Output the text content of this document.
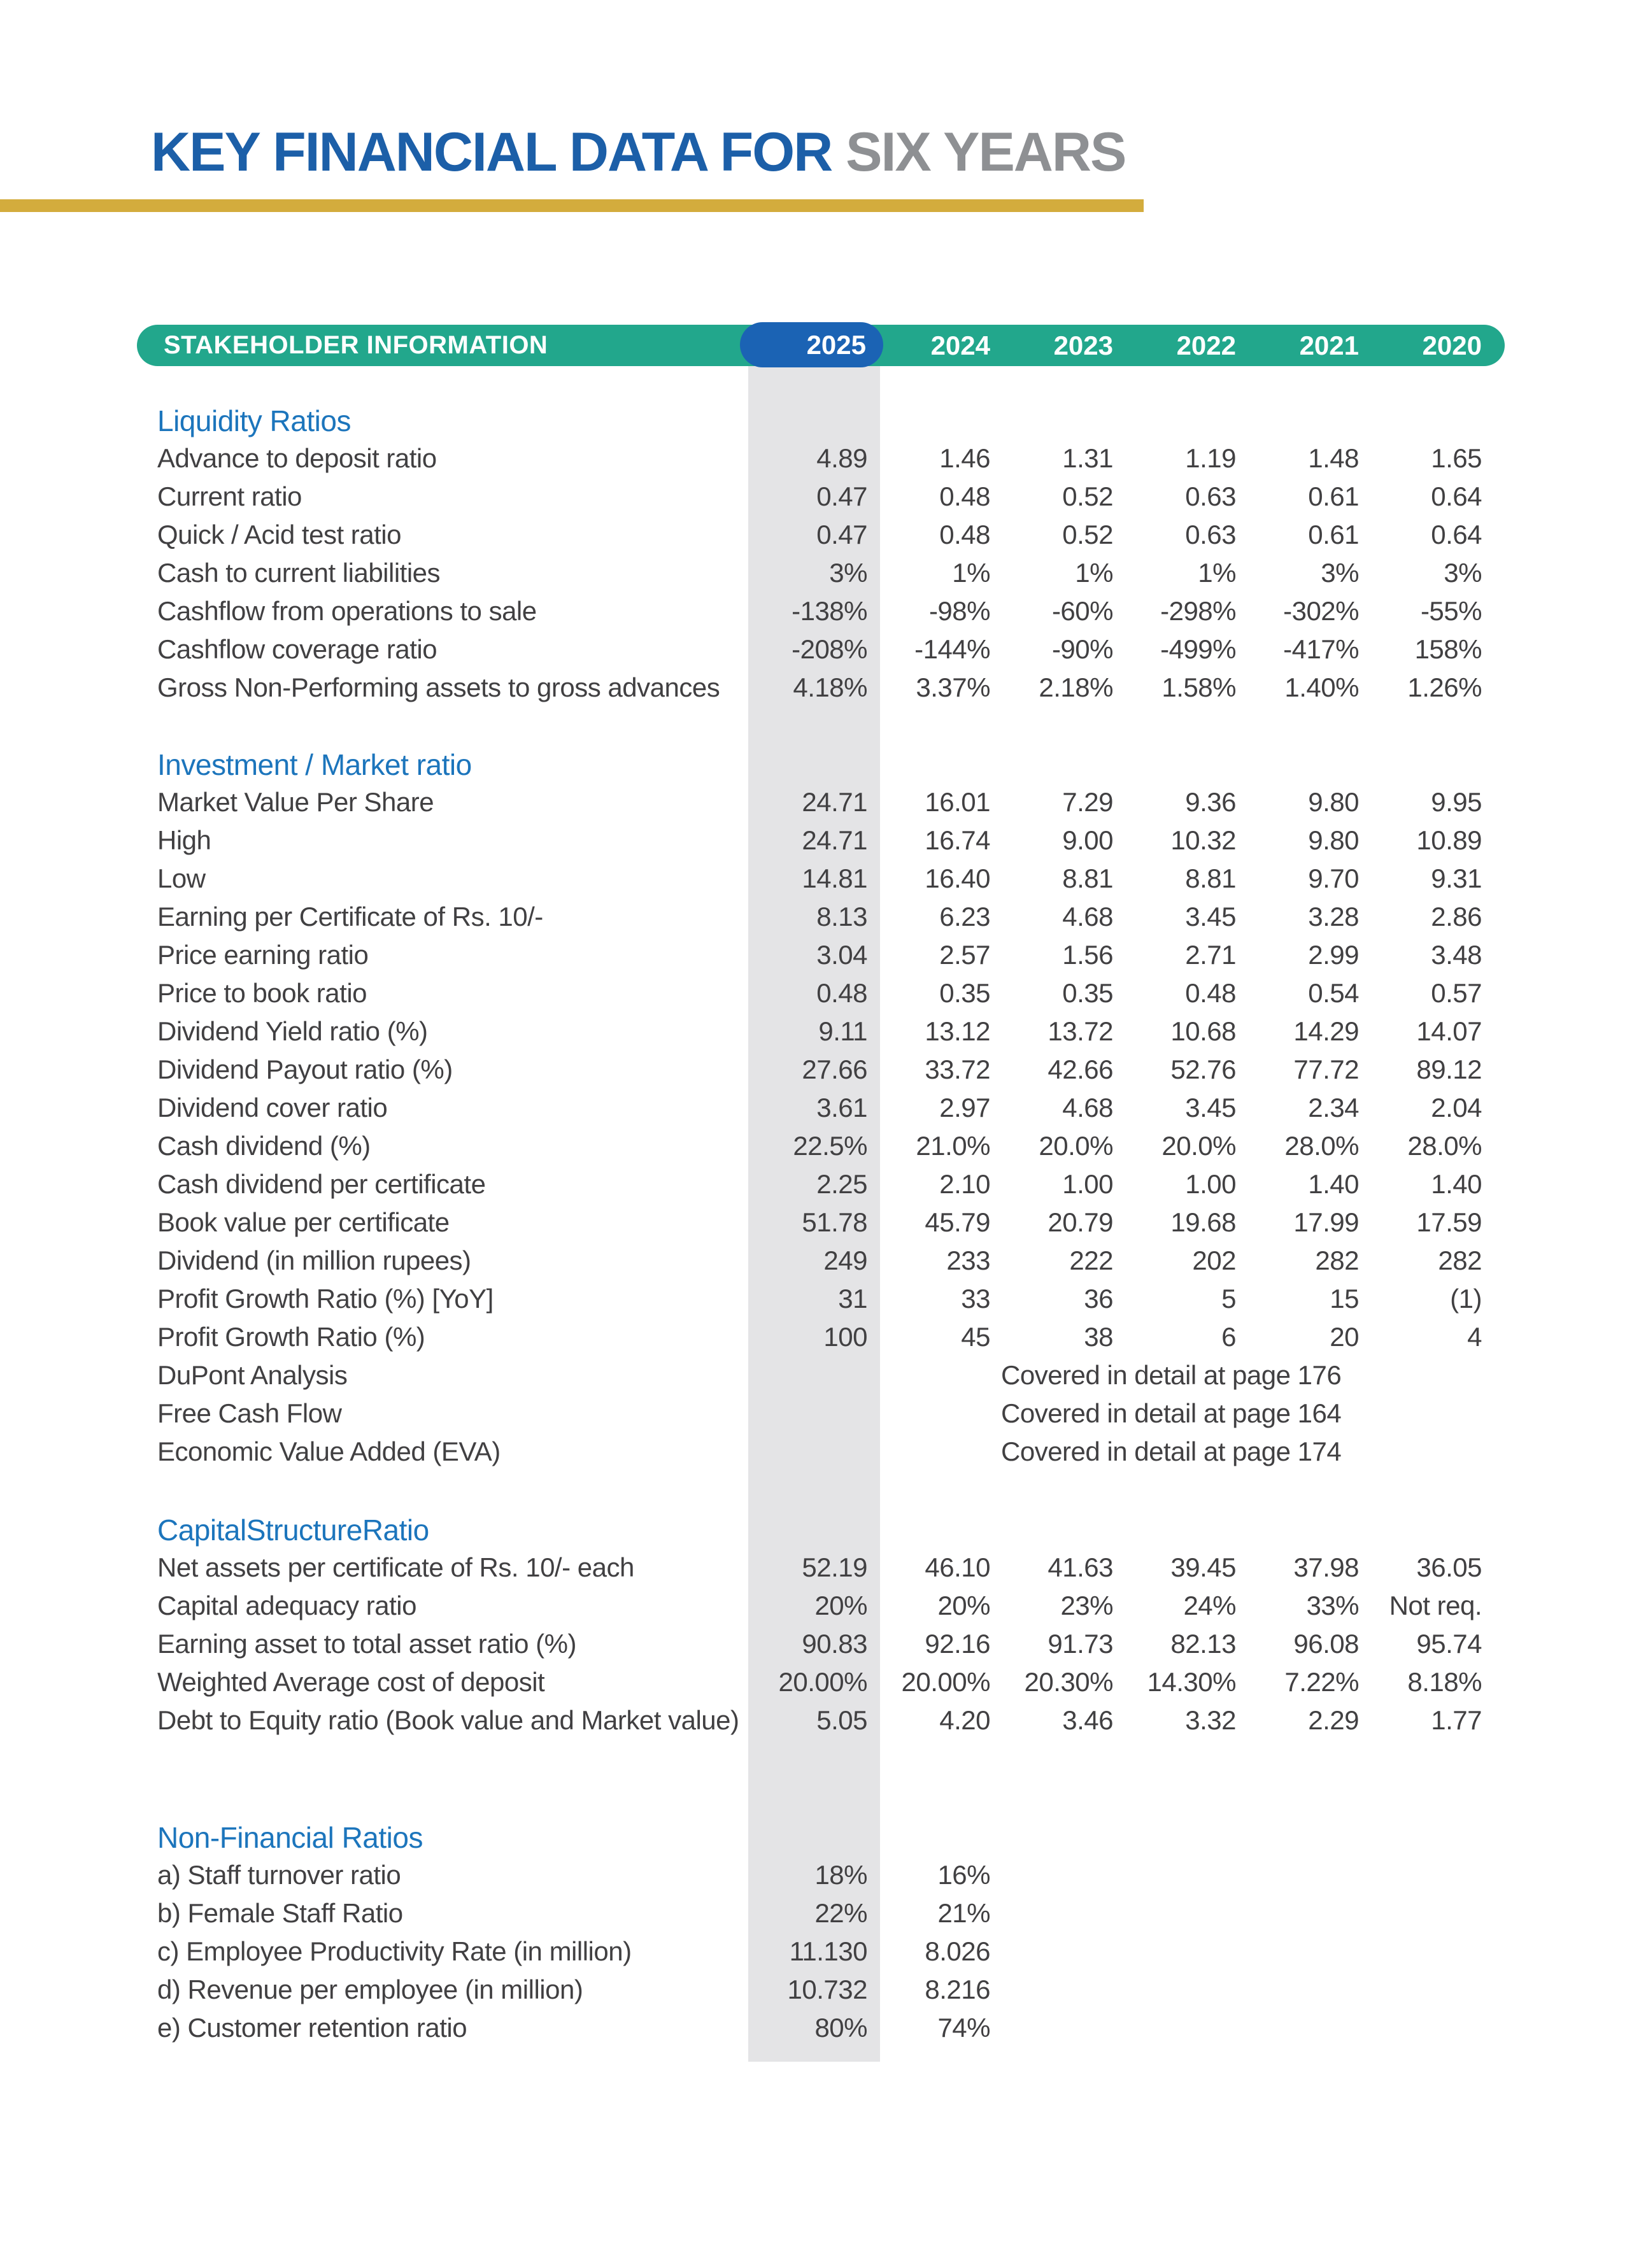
KEY FINANCIAL DATA FOR SIX YEARS
STAKEHOLDER INFORMATION	2025	2024	2023	2022	2021	2020
Liquidity Ratios
Advance to deposit ratio	4.89	1.46	1.31	1.19	1.48	1.65
Current ratio	0.47	0.48	0.52	0.63	0.61	0.64
Quick / Acid test ratio	0.47	0.48	0.52	0.63	0.61	0.64
Cash to current liabilities	3%	1%	1%	1%	3%	3%
Cashflow from operations to sale	-138%	-98%	-60%	-298%	-302%	-55%
Cashflow coverage ratio	-208%	-144%	-90%	-499%	-417%	158%
Gross Non-Performing assets to gross advances	4.18%	3.37%	2.18%	1.58%	1.40%	1.26%
Investment / Market ratio
Market Value Per Share	24.71	16.01	7.29	9.36	9.80	9.95
High	24.71	16.74	9.00	10.32	9.80	10.89
Low	14.81	16.40	8.81	8.81	9.70	9.31
Earning per Certificate of Rs. 10/-	8.13	6.23	4.68	3.45	3.28	2.86
Price earning ratio	3.04	2.57	1.56	2.71	2.99	3.48
Price to book ratio	0.48	0.35	0.35	0.48	0.54	0.57
Dividend Yield ratio (%)	9.11	13.12	13.72	10.68	14.29	14.07
Dividend Payout ratio (%)	27.66	33.72	42.66	52.76	77.72	89.12
Dividend cover ratio	3.61	2.97	4.68	3.45	2.34	2.04
Cash dividend (%)	22.5%	21.0%	20.0%	20.0%	28.0%	28.0%
Cash dividend per certificate	2.25	2.10	1.00	1.00	1.40	1.40
Book value per certificate	51.78	45.79	20.79	19.68	17.99	17.59
Dividend (in million rupees)	249	233	222	202	282	282
Profit Growth Ratio (%) [YoY]	31	33	36	5	15	(1)
Profit Growth Ratio (%)	100	45	38	6	20	4
DuPont Analysis	Covered in detail at page 176
Free Cash Flow	Covered in detail at page 164
Economic Value Added (EVA)	Covered in detail at page 174
CapitalStructureRatio
Net assets per certificate of Rs. 10/- each	52.19	46.10	41.63	39.45	37.98	36.05
Capital adequacy ratio	20%	20%	23%	24%	33%	Not req.
Earning asset to total asset ratio (%)	90.83	92.16	91.73	82.13	96.08	95.74
Weighted Average cost of deposit	20.00%	20.00%	20.30%	14.30%	7.22%	8.18%
Debt to Equity ratio (Book value and Market value)	5.05	4.20	3.46	3.32	2.29	1.77
Non-Financial Ratios
a) Staff turnover ratio	18%	16%
b) Female Staff Ratio	22%	21%
c) Employee Productivity Rate (in million)	11.130	8.026
d) Revenue per employee (in million)	10.732	8.216
e) Customer retention ratio	80%	74%
